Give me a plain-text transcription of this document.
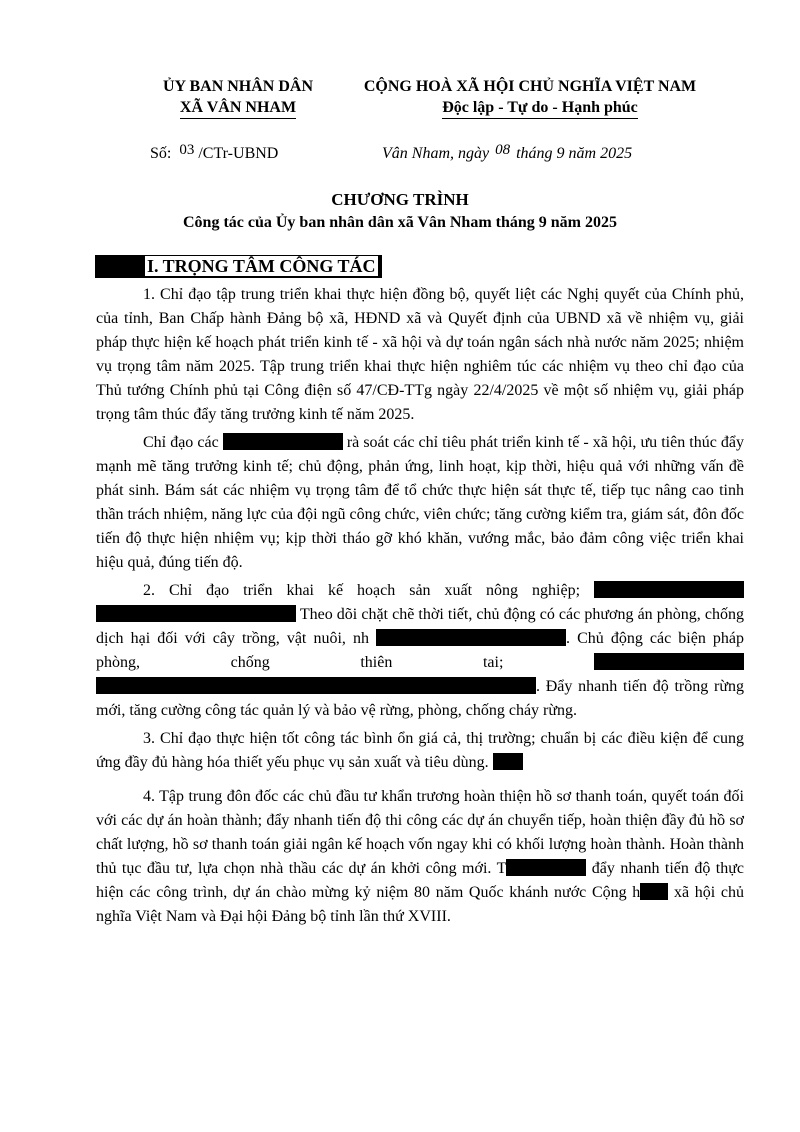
ỦY BAN NHÂN DÂN
XÃ VÂN NHAM
CỘNG HOÀ XÃ HỘI CHỦ NGHĨA VIỆT NAM
Độc lập - Tự do - Hạnh phúc
Số: 03 /CTr-UBND	Vân Nham, ngày 08 tháng 9 năm 2025
CHƯƠNG TRÌNH
Công tác của Ủy ban nhân dân xã Vân Nham tháng 9 năm 2025
I. TRỌNG TÂM CÔNG TÁC

1. Chỉ đạo tập trung triển khai thực hiện đồng bộ, quyết liệt các Nghị quyết của Chính phủ, của tỉnh, Ban Chấp hành Đảng bộ xã, HĐND xã và Quyết định của UBND xã về nhiệm vụ, giải pháp thực hiện kế hoạch phát triển kinh tế - xã hội và dự toán ngân sách nhà nước năm 2025; nhiệm vụ trọng tâm năm 2025. Tập trung triển khai thực hiện nghiêm túc các nhiệm vụ theo chỉ đạo của Thủ tướng Chính phủ tại Công điện số 47/CĐ-TTg ngày 22/4/2025 về một số nhiệm vụ, giải pháp trọng tâm thúc đẩy tăng trưởng kinh tế năm 2025.

Chỉ đạo các	rà soát các chỉ tiêu phát triển kinh tế - xã hội, ưu tiên thúc đẩy mạnh mẽ tăng trưởng kinh tế; chủ động, phản ứng, linh hoạt, kịp thời, hiệu quả với những vấn đề phát sinh. Bám sát các nhiệm vụ trọng tâm để tổ chức thực hiện sát thực tế, tiếp tục nâng cao tinh thần trách nhiệm, năng lực của đội ngũ công chức, viên chức; tăng cường kiểm tra, giám sát, đôn đốc tiến độ thực hiện nhiệm vụ; kịp thời tháo gỡ khó khăn, vướng mắc, bảo đảm công việc triển khai hiệu quả, đúng tiến độ.

2. Chỉ đạo triển khai kế hoạch sản xuất nông nghiệp;   Theo dõi chặt chẽ thời tiết, chủ động có các phương án phòng, chống dịch hại đối với cây trồng, vật nuôi, nh	. Chủ động các biện pháp phòng, chống thiên tai;  . Đẩy nhanh tiến độ trồng rừng mới, tăng cường công tác quản lý và bảo vệ rừng, phòng, chống cháy rừng.

3. Chỉ đạo thực hiện tốt công tác bình ổn giá cả, thị trường; chuẩn bị các điều kiện để cung ứng đầy đủ hàng hóa thiết yếu phục vụ sản xuất và tiêu dùng.

4. Tập trung đôn đốc các chủ đầu tư khẩn trương hoàn thiện hồ sơ thanh toán, quyết toán đối với các dự án hoàn thành; đẩy nhanh tiến độ thi công các dự án chuyển tiếp, hoàn thiện đầy đủ hồ sơ chất lượng, hồ sơ thanh toán giải ngân kế hoạch vốn ngay khi có khối lượng hoàn thành. Hoàn thành thủ tục đầu tư, lựa chọn nhà thầu các dự án khởi công mới. T	đẩy nhanh tiến độ thực hiện các công trình, dự án chào mừng kỷ niệm 80 năm Quốc khánh nước Cộng h xã hội chủ nghĩa Việt Nam và Đại hội Đảng bộ tỉnh lần thứ XVIII.
